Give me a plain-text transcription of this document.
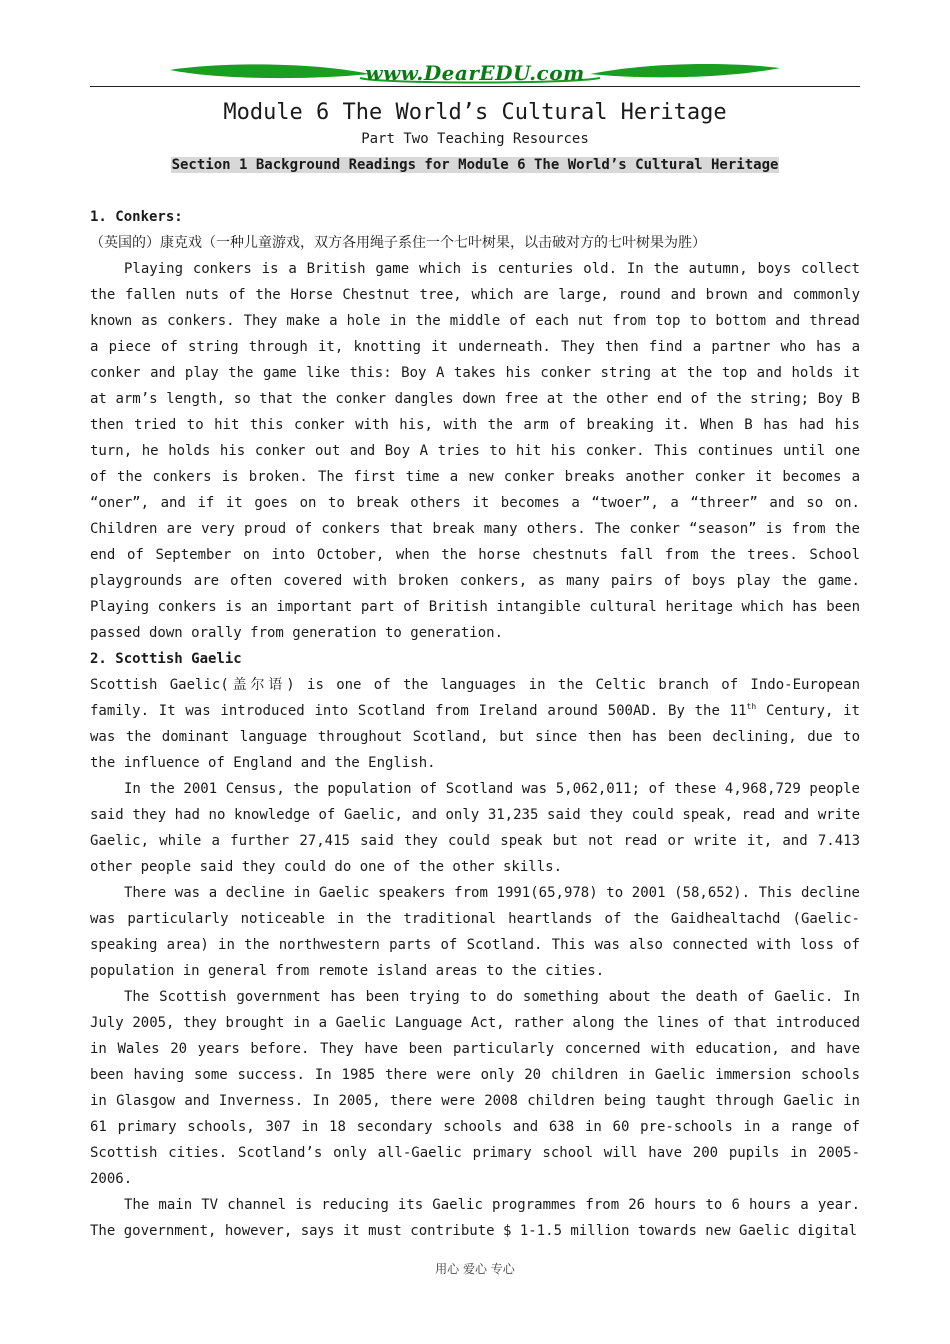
www.DearEDU.com
Module 6 The World’s Cultural Heritage
Part Two Teaching Resources
Section 1 Background Readings for Module 6 The World’s Cultural Heritage
1. Conkers:

（英国的）康克戏（一种儿童游戏，双方各用绳子系住一个七叶树果，以击破对方的七叶树果为胜）

Playing conkers is a British game which is centuries old. In the autumn, boys collect the fallen nuts of the Horse Chestnut tree, which are large, round and brown and commonly known as conkers. They make a hole in the middle of each nut from top to bottom and thread a piece of string through it, knotting it underneath. They then find a partner who has a conker and play the game like this: Boy A takes his conker string at the top and holds it at arm’s length, so that the conker dangles down free at the other end of the string; Boy B then tried to hit this conker with his, with the arm of breaking it. When B has had his turn, he holds his conker out and Boy A tries to hit his conker. This continues until one of the conkers is broken. The first time a new conker breaks another conker it becomes a “oner”, and if it goes on to break others it becomes a “twoer”, a “threer” and so on. Children are very proud of conkers that break many others. The conker “season” is from the end of September on into October, when the horse chestnuts fall from the trees. School playgrounds are often covered with broken conkers, as many pairs of boys play the game. Playing conkers is an important part of British intangible cultural heritage which has been passed down orally from generation to generation.

2. Scottish Gaelic

Scottish Gaelic(盖尔语) is one of the languages in the Celtic branch of Indo-European family. It was introduced into Scotland from Ireland around 500AD. By the 11th Century, it was the dominant language throughout Scotland, but since then has been declining, due to the influence of England and the English.

In the 2001 Census, the population of Scotland was 5,062,011; of these 4,968,729 people said they had no knowledge of Gaelic, and only 31,235 said they could speak, read and write Gaelic, while a further 27,415 said they could speak but not read or write it, and 7.413 other people said they could do one of the other skills.

There was a decline in Gaelic speakers from 1991(65,978) to 2001 (58,652). This decline was particularly noticeable in the traditional heartlands of the Gaidhealtachd (Gaelic-speaking area) in the northwestern parts of Scotland. This was also connected with loss of population in general from remote island areas to the cities.

The Scottish government has been trying to do something about the death of Gaelic. In July 2005, they brought in a Gaelic Language Act, rather along the lines of that introduced in Wales 20 years before. They have been particularly concerned with education, and have been having some success. In 1985 there were only 20 children in Gaelic immersion schools in Glasgow and Inverness. In 2005, there were 2008 children being taught through Gaelic in 61 primary schools, 307 in 18 secondary schools and 638 in 60 pre-schools in a range of Scottish cities. Scotland’s only all-Gaelic primary school will have 200 pupils in 2005-2006.

The main TV channel is reducing its Gaelic programmes from 26 hours to 6 hours a year. The government, however, says it must contribute $ 1-1.5 million towards new Gaelic digital

用心 爱心 专心
